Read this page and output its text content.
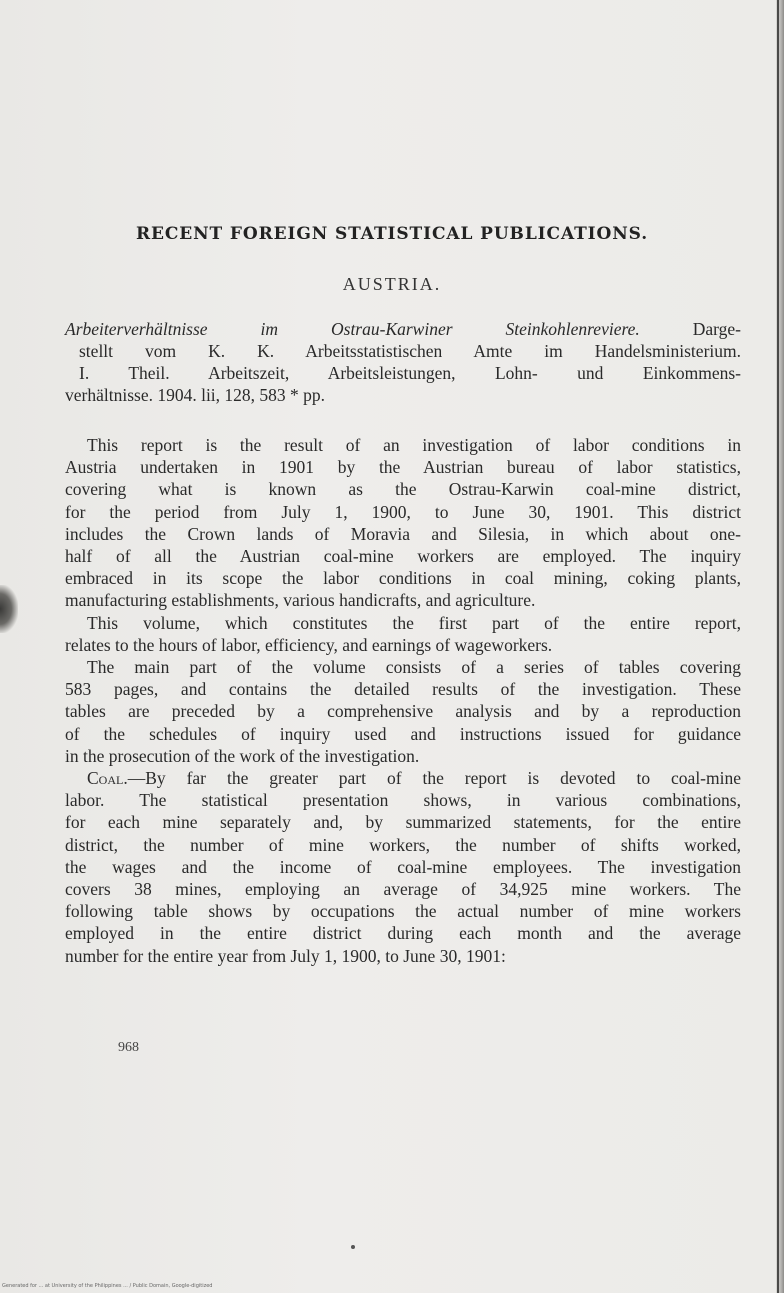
RECENT FOREIGN STATISTICAL PUBLICATIONS.
AUSTRIA.
Arbeiterverhältnisse im Ostrau-Karwiner Steinkohlenreviere.	Darge-
stellt vom K. K. Arbeitsstatistischen Amte im Handelsministerium.
I. Theil. Arbeitszeit, Arbeitsleistungen, Lohn- und Einkommens-
verhältnisse. 1904. lii, 128, 583 * pp.
This report is the result of an investigation of labor conditions in
Austria undertaken in 1901 by the Austrian bureau of labor statistics,
covering what is known as the Ostrau-Karwin coal-mine district,
for the period from July 1, 1900, to June 30, 1901. This district
includes the Crown lands of Moravia and Silesia, in which about one-
half of all the Austrian coal-mine workers are employed. The inquiry
embraced in its scope the labor conditions in coal mining, coking plants,
manufacturing establishments, various handicrafts, and agriculture.
This volume, which constitutes the first part of the entire report,
relates to the hours of labor, efficiency, and earnings of wageworkers.
The main part of the volume consists of a series of tables covering
583 pages, and contains the detailed results of the investigation. These
tables are preceded by a comprehensive analysis and by a reproduction
of the schedules of inquiry used and instructions issued for guidance
in the prosecution of the work of the investigation.
Coal.—By far the greater part of the report is devoted to coal-mine
labor. The statistical presentation shows, in various combinations,
for each mine separately and, by summarized statements, for the entire
district, the number of mine workers, the number of shifts worked,
the wages and the income of coal-mine employees. The investigation
covers 38 mines, employing an average of 34,925 mine workers. The
following table shows by occupations the actual number of mine workers
employed in the entire district during each month and the average
number for the entire year from July 1, 1900, to June 30, 1901:
968
Generated for ... at University of the Philippines ... / Public Domain, Google-digitized
